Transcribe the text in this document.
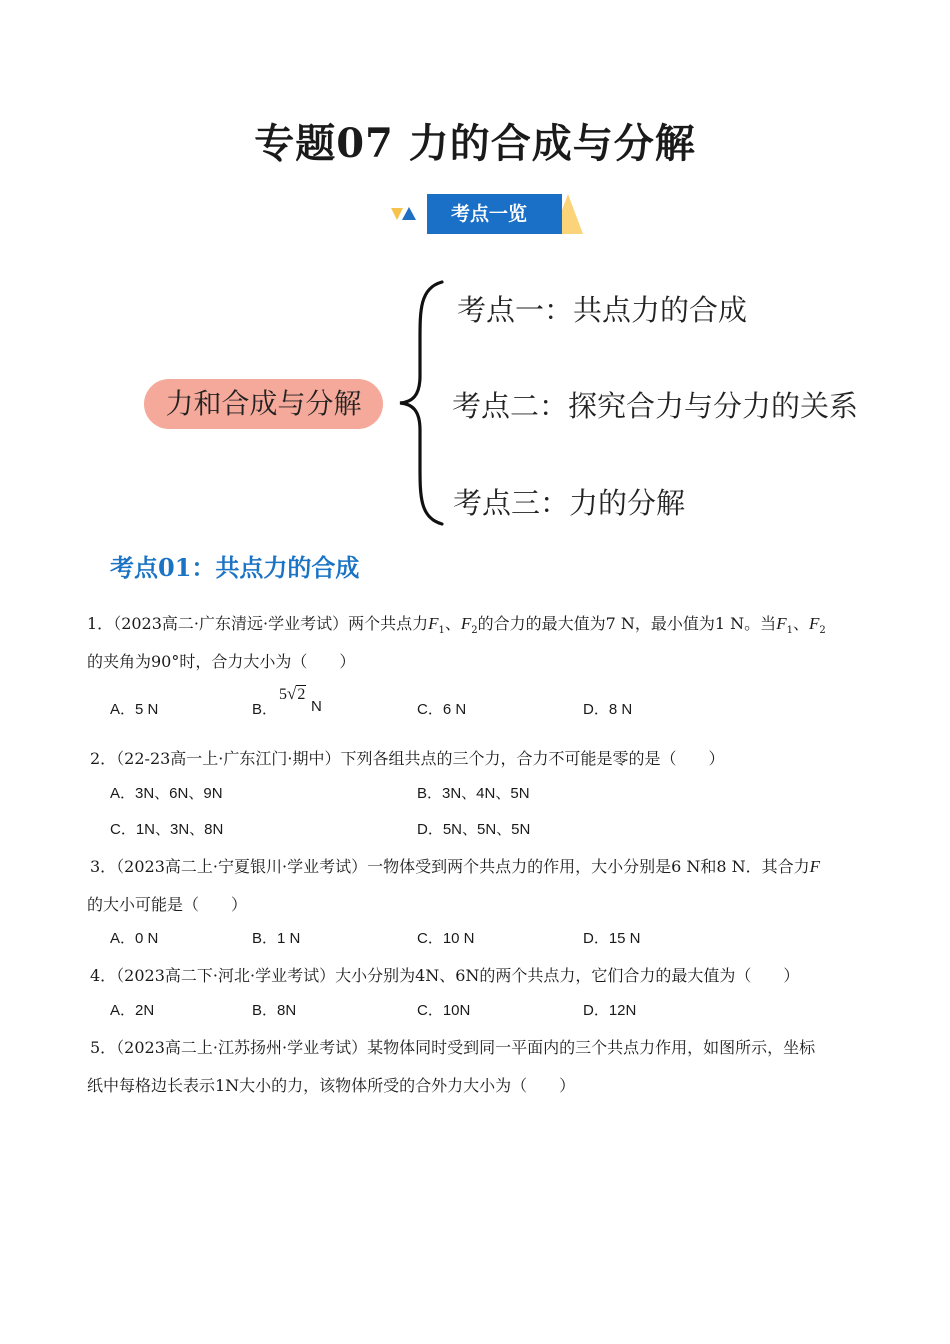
专题07 力的合成与分解
考点一览
力和合成与分解
考点一：共点力的合成
考点二：探究合力与分力的关系
考点三：力的分解
考点01：共点力的合成
1．（2023高二·广东清远·学业考试）两个共点力$F_1$、$F_2$的合力的最大值为7 N，最小值为1 N。当$F_1$、$F_2$
的夹角为90°时，合力大小为（　　）
A．5 N	B．
5√2
N	C．6 N	D．8 N
2．（22-23高一上·广东江门·期中）下列各组共点的三个力，合力不可能是零的是（　　）
A．3N、6N、9N	B．3N、4N、5N
C．1N、3N、8N	D．5N、5N、5N
3．（2023高二上·宁夏银川·学业考试）一物体受到两个共点力的作用，大小分别是6 N和8 N．其合力F
的大小可能是（　　）
A．0 N	B．1 N	C．10 N	D．15 N
4．（2023高二下·河北·学业考试）大小分别为4N、6N的两个共点力，它们合力的最大值为（　　）
A．2N	B．8N	C．10N	D．12N
5．（2023高二上·江苏扬州·学业考试）某物体同时受到同一平面内的三个共点力作用，如图所示，坐标
纸中每格边长表示1N大小的力，该物体所受的合外力大小为（　　）
